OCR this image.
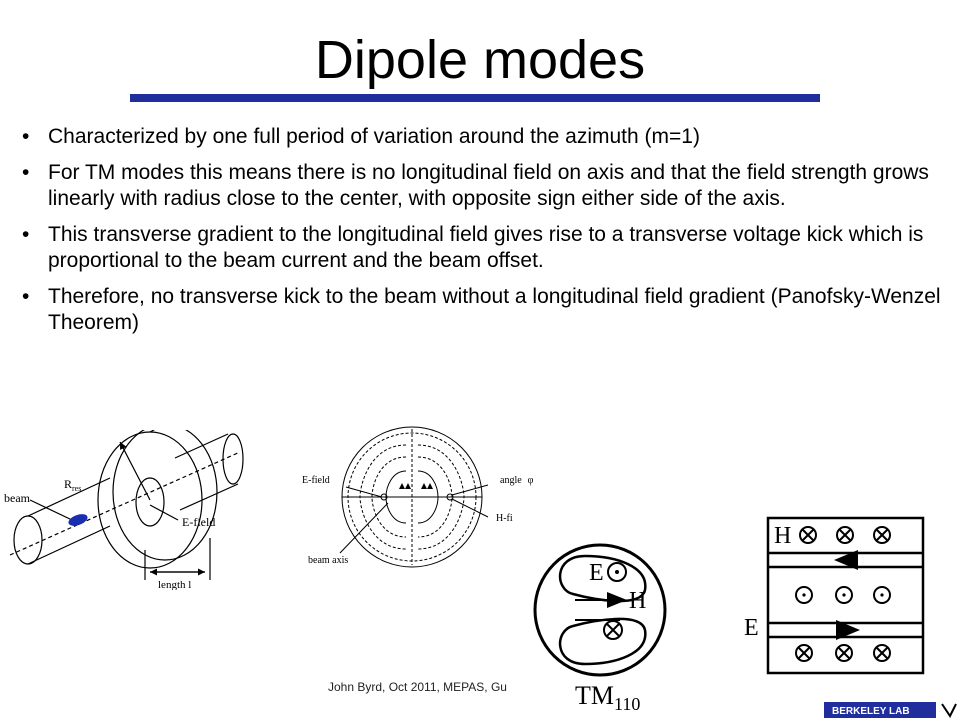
Dipole modes
• Characterized by one full period of variation around the azimuth (m=1)
• For TM modes this means there is no longitudinal field on axis and that the field strength grows linearly with radius close to the center, with opposite sign either side of the axis.
• This transverse gradient to the longitudinal field gives rise to a transverse voltage kick which is proportional to the beam current and the beam offset.
• Therefore, no transverse kick to the beam without a longitudinal field gradient (Panofsky-Wenzel Theorem)
beam
$R_{res}$
E-field
length l
E-field	angle φ
H-fi
beam axis	E
H
$TM_{110}$
H
E
John Byrd, Oct 2011, MEPAS, Gu
BERKELEY LAB
